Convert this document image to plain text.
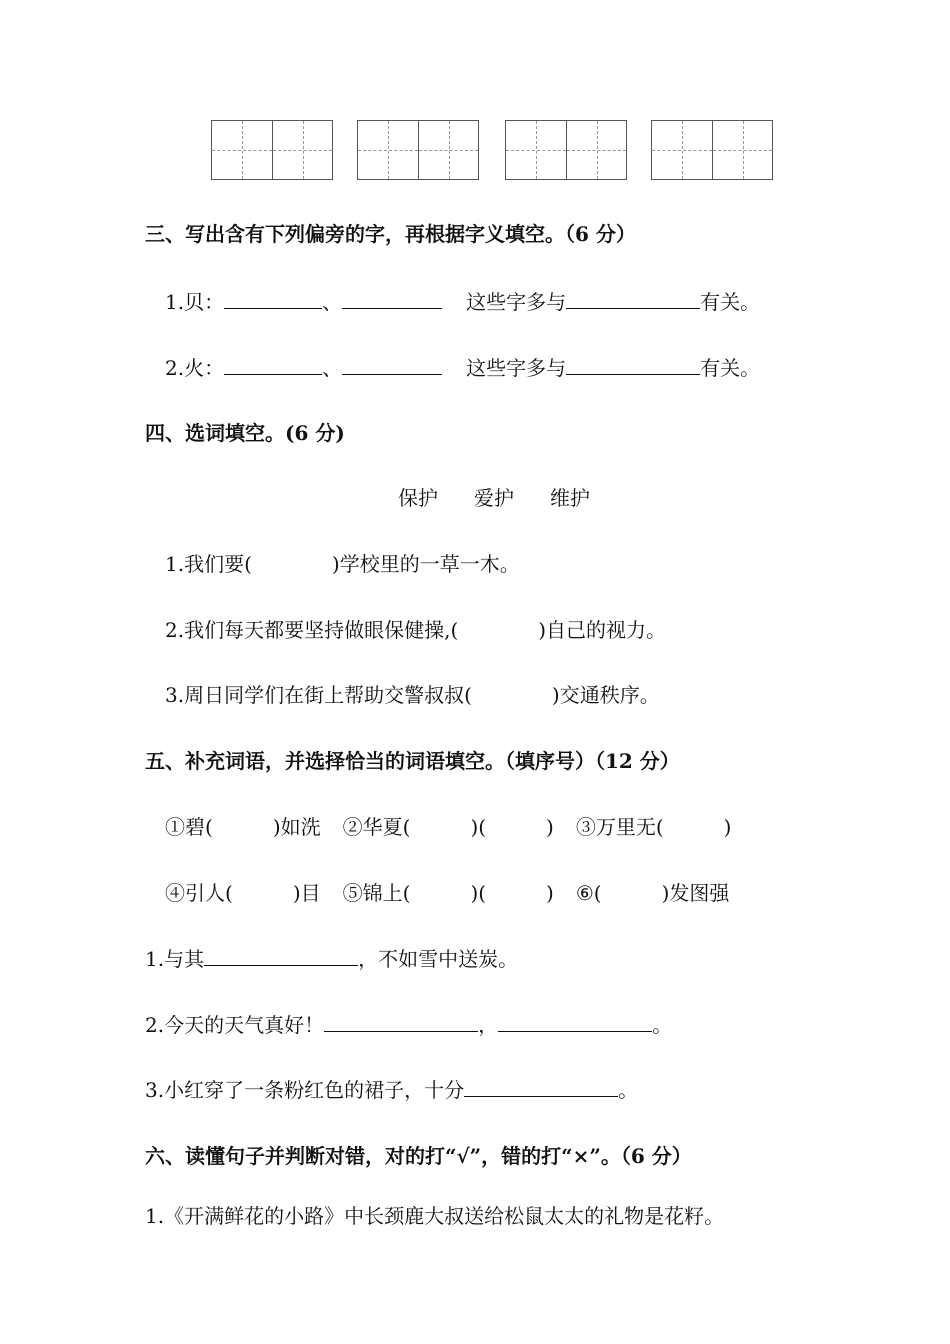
三、写出含有下列偏旁的字，再根据字义填空。（6 分）
1.贝：	、	这些字多与	有关。
2.火：	、	这些字多与	有关。
四、选词填空。(6 分)
保护 爱护 维护
1.我们要(	)学校里的一草一木。
2.我们每天都要坚持做眼保健操,(	)自己的视力。
3.周日同学们在街上帮助交警叔叔(	)交通秩序。
五、补充词语，并选择恰当的词语填空。（填序号）（12 分）
①碧(	)如洗 ②华夏(	)(	) ③万里无(	)
④引人(	)目 ⑤锦上(	)(	) ⑥(	)发图强
1.与其	，不如雪中送炭。
2.今天的天气真好！	，	。
3.小红穿了一条粉红色的裙子，十分	。
六、读懂句子并判断对错，对的打“√”，错的打“×”。（6 分）
1.《开满鲜花的小路》中长颈鹿大叔送给松鼠太太的礼物是花籽。
